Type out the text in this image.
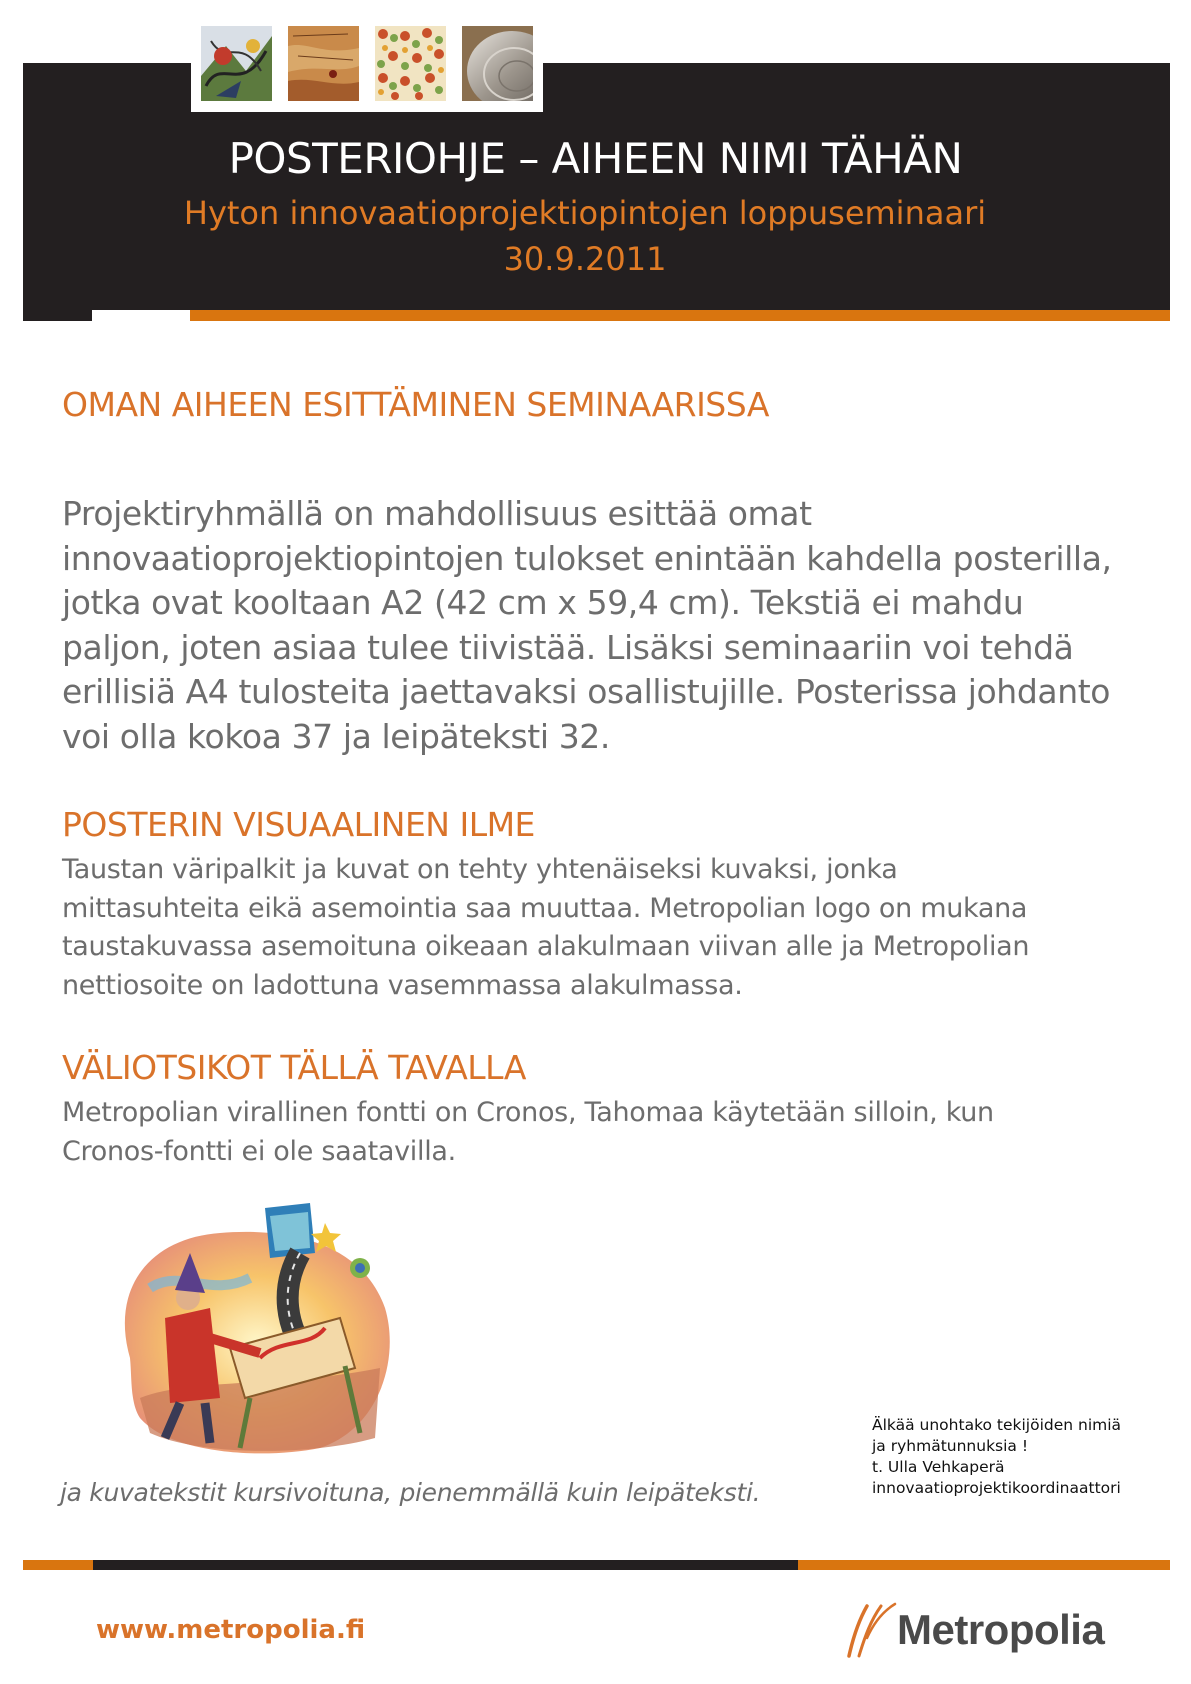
POSTERIOHJE – AIHEEN NIMI TÄHÄN
Hyton innovaatioprojektiopintojen loppuseminaari
30.9.2011
OMAN AIHEEN ESITTÄMINEN SEMINAARISSA
Projektiryhmällä on mahdollisuus esittää omat
innovaatioprojektiopintojen tulokset enintään kahdella posterilla,
jotka ovat kooltaan A2 (42 cm x 59,4 cm). Tekstiä ei mahdu
paljon, joten asiaa tulee tiivistää. Lisäksi seminaariin voi tehdä
erillisiä A4 tulosteita jaettavaksi osallistujille. Posterissa johdanto
voi olla kokoa 37 ja leipäteksti 32.
POSTERIN VISUAALINEN ILME
Taustan väripalkit ja kuvat on tehty yhtenäiseksi kuvaksi, jonka
mittasuhteita eikä asemointia saa muuttaa. Metropolian logo on mukana
taustakuvassa asemoituna oikeaan alakulmaan viivan alle ja Metropolian
nettiosoite on ladottuna vasemmassa alakulmassa.
VÄLIOTSIKOT TÄLLÄ TAVALLA
Metropolian virallinen fontti on Cronos, Tahomaa käytetään silloin, kun
Cronos-fontti ei ole saatavilla.
ja kuvatekstit kursivoituna, pienemmällä kuin leipäteksti.
Älkää unohtako tekijöiden nimiä
ja ryhmätunnuksia !
t. Ulla Vehkaperä
innovaatioprojektikoordinaattori
www.metropolia.fi	Metropolia
